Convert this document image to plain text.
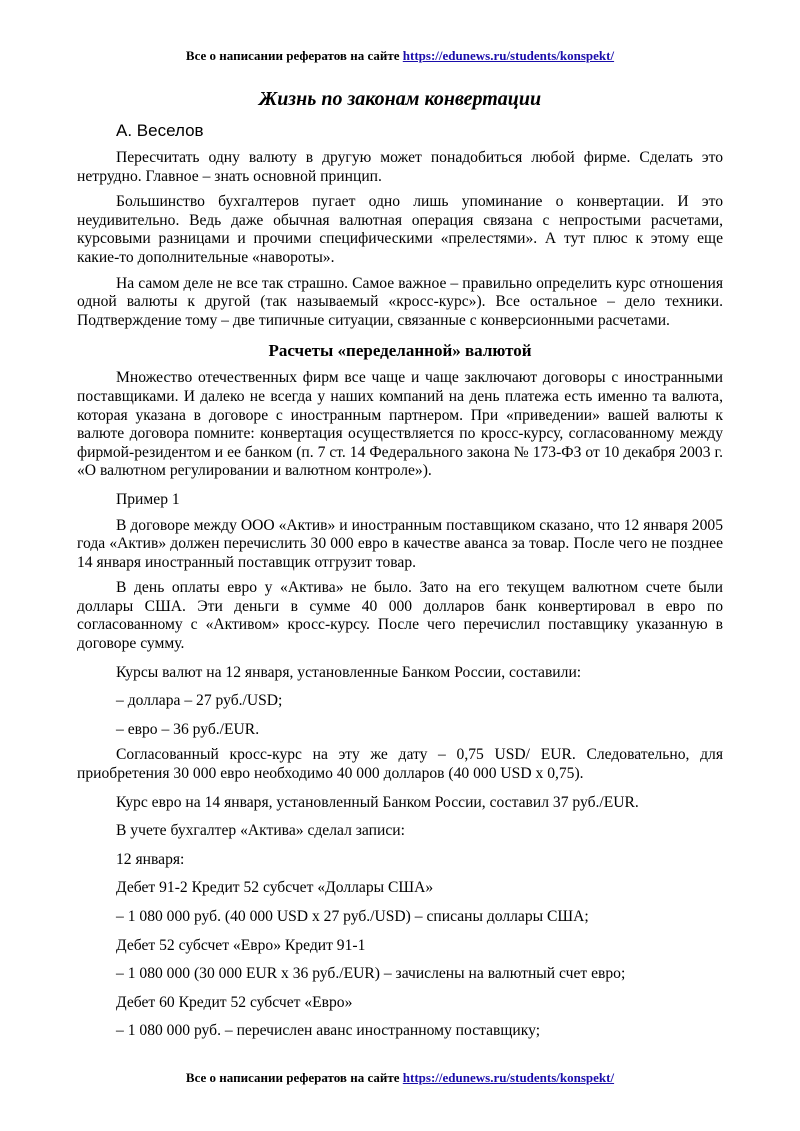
Все о написании рефератов на сайте https://edunews.ru/students/konspekt/
Жизнь по законам конвертации
А. Веселов

Пересчитать одну валюту в другую может понадобиться любой фирме. Сделать это нетрудно. Главное – знать основной принцип.

Большинство бухгалтеров пугает одно лишь упоминание о конвертации. И это неудивительно. Ведь даже обычная валютная операция связана с непростыми расчетами, курсовыми разницами и прочими специфическими «прелестями». А тут плюс к этому еще какие-то дополнительные «навороты».

На самом деле не все так страшно. Самое важное – правильно определить курс отношения одной валюты к другой (так называемый «кросс-курс»). Все остальное – дело техники. Подтверждение тому – две типичные ситуации, связанные с конверсионными расчетами.

Расчеты «переделанной» валютой

Множество отечественных фирм все чаще и чаще заключают договоры с иностранными поставщиками. И далеко не всегда у наших компаний на день платежа есть именно та валюта, которая указана в договоре с иностранным партнером. При «приведении» вашей валюты к валюте договора помните: конвертация осуществляется по кросс-курсу, согласованному между фирмой-резидентом и ее банком (п. 7 ст. 14 Федерального закона № 173-ФЗ от 10 декабря 2003 г. «О валютном регулировании и валютном контроле»).

Пример 1

В договоре между ООО «Актив» и иностранным поставщиком сказано, что 12 января 2005 года «Актив» должен перечислить 30 000 евро в качестве аванса за товар. После чего не позднее 14 января иностранный поставщик отгрузит товар.

В день оплаты евро у «Актива» не было. Зато на его текущем валютном счете были доллары США. Эти деньги в сумме 40 000 долларов банк конвертировал в евро по согласованному с «Активом» кросс-курсу. После чего перечислил поставщику указанную в договоре сумму.

Курсы валют на 12 января, установленные Банком России, составили:

– доллара – 27 руб./USD;

– евро – 36 руб./EUR.

Согласованный кросс-курс на эту же дату – 0,75 USD/ EUR. Следовательно, для приобретения 30 000 евро необходимо 40 000 долларов (40 000 USD x 0,75).

Курс евро на 14 января, установленный Банком России, составил 37 руб./EUR.

В учете бухгалтер «Актива» сделал записи:

12 января:

Дебет 91-2 Кредит 52 субсчет «Доллары США»

– 1 080 000 руб. (40 000 USD x 27 руб./USD) – списаны доллары США;

Дебет 52 субсчет «Евро» Кредит 91-1

– 1 080 000 (30 000 EUR x 36 руб./EUR) – зачислены на валютный счет евро;

Дебет 60 Кредит 52 субсчет «Евро»

– 1 080 000 руб. – перечислен аванс иностранному поставщику;

Все о написании рефератов на сайте https://edunews.ru/students/konspekt/
